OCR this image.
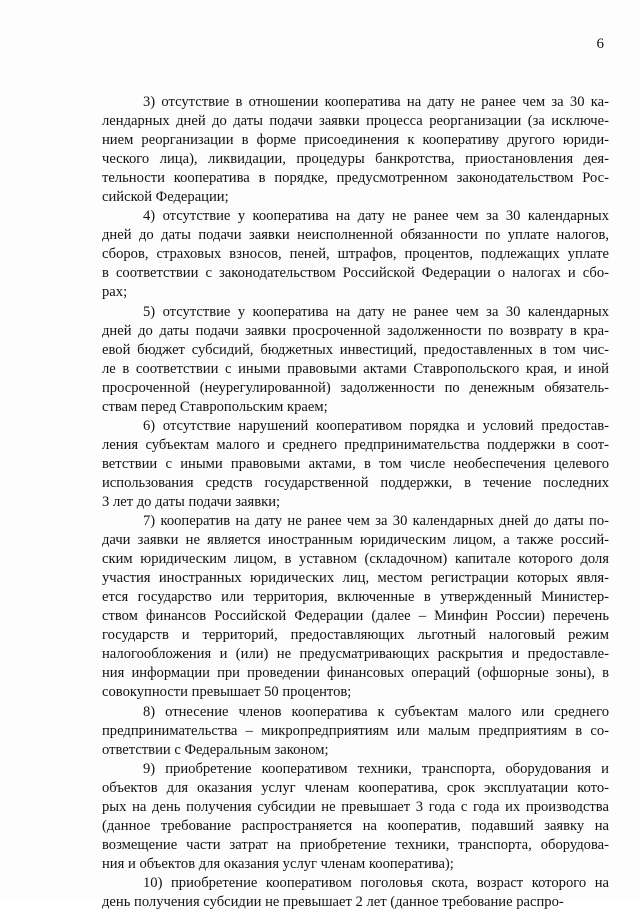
6

3) отсутствие в отношении кооператива на дату не ранее чем за 30 ка-
лендарных дней до даты подачи заявки процесса реорганизации (за исключе-
нием реорганизации в форме присоединения к кооперативу другого юриди-
ческого лица), ликвидации, процедуры банкротства, приостановления дея-
тельности кооператива в порядке, предусмотренном законодательством Рос-
сийской Федерации;

4) отсутствие у кооператива на дату не ранее чем за 30 календарных
дней до даты подачи заявки неисполненной обязанности по уплате налогов,
сборов, страховых взносов, пеней, штрафов, процентов, подлежащих уплате
в соответствии с законодательством Российской Федерации о налогах и сбо-
рах;

5) отсутствие у кооператива на дату не ранее чем за 30 календарных
дней до даты подачи заявки просроченной задолженности по возврату в кра-
евой бюджет субсидий, бюджетных инвестиций, предоставленных в том чис-
ле в соответствии с иными правовыми актами Ставропольского края, и иной
просроченной (неурегулированной) задолженности по денежным обязатель-
ствам перед Ставропольским краем;

6) отсутствие нарушений кооперативом порядка и условий предостав-
ления субъектам малого и среднего предпринимательства поддержки в соот-
ветствии с иными правовыми актами, в том числе необеспечения целевого
использования средств государственной поддержки, в течение последних
3 лет до даты подачи заявки;

7) кооператив на дату не ранее чем за 30 календарных дней до даты по-
дачи заявки не является иностранным юридическим лицом, а также россий-
ским юридическим лицом, в уставном (складочном) капитале которого доля
участия иностранных юридических лиц, местом регистрации которых явля-
ется государство или территория, включенные в утвержденный Министер-
ством финансов Российской Федерации (далее – Минфин России) перечень
государств и территорий, предоставляющих льготный налоговый режим
налогообложения и (или) не предусматривающих раскрытия и предоставле-
ния информации при проведении финансовых операций (офшорные зоны), в
совокупности превышает 50 процентов;

8) отнесение членов кооператива к субъектам малого или среднего
предпринимательства – микропредприятиям или малым предприятиям в со-
ответствии с Федеральным законом;

9) приобретение кооперативом техники, транспорта, оборудования и
объектов для оказания услуг членам кооператива, срок эксплуатации кото-
рых на день получения субсидии не превышает 3 года с года их производства
(данное требование распространяется на кооператив, подавший заявку на
возмещение части затрат на приобретение техники, транспорта, оборудова-
ния и объектов для оказания услуг членам кооператива);

10) приобретение кооперативом поголовья скота, возраст которого на
день получения субсидии не превышает 2 лет (данное требование распро-
